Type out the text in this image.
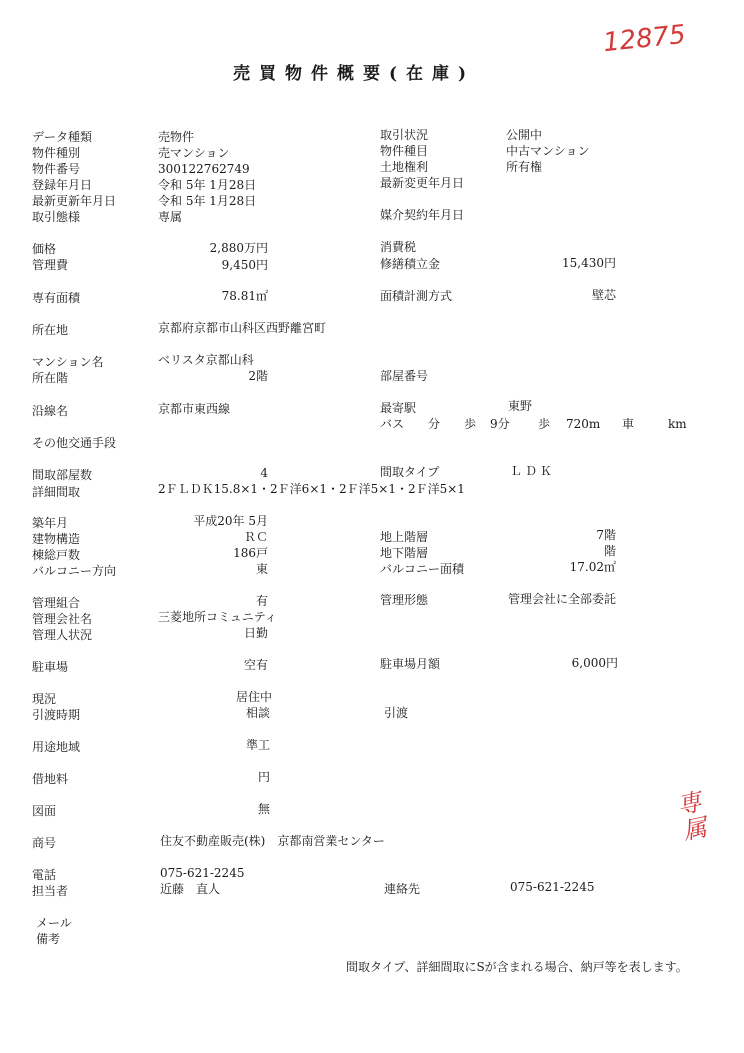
12875
専属
売買物件概要(在庫)
データ種類	売物件
物件種別	売マンション
物件番号	300122762749
登録年月日	令和 5年 1月28日
最新更新年月日	令和 5年 1月28日
取引態様	専属
取引状況	公開中
物件種目	中古マンション
土地権利	所有権
最新変更年月日
媒介契約年月日
価格	2,880万円
管理費	9,450円
消費税
修繕積立金	15,430円
専有面積	78.81㎡	面積計測方式	壁芯
所在地	京都府京都市山科区西野離宮町
マンション名	ベリスタ京都山科
所在階	2階	部屋番号
沿線名	京都市東西線	最寄駅	東野
バス 分 歩 9分 歩 720m 車	km
その他交通手段
間取部屋数	4	間取タイプ	ＬＤＫ
詳細間取	2ＦＬＤＫ15.8×1・2Ｆ洋6×1・2Ｆ洋5×1・2Ｆ洋5×1
築年月	平成20年 5月
建物構造	ＲＣ
棟総戸数	186戸
バルコニー方向	東
地上階層	7階
地下階層	階
バルコニー面積	17.02㎡
管理組合	有
管理会社名	三菱地所コミュニティ
管理人状況	日勤
管理形態	管理会社に全部委託
駐車場	空有	駐車場月額	6,000円
現況	居住中
引渡時期	相談	引渡
用途地域	準工
借地料	円
図面	無
商号	住友不動産販売(株)　京都南営業センター
電話	075-621-2245
担当者	近藤　直人	連絡先	075-621-2245
メール
備考
間取タイプ、詳細間取にSが含まれる場合、納戸等を表します。
